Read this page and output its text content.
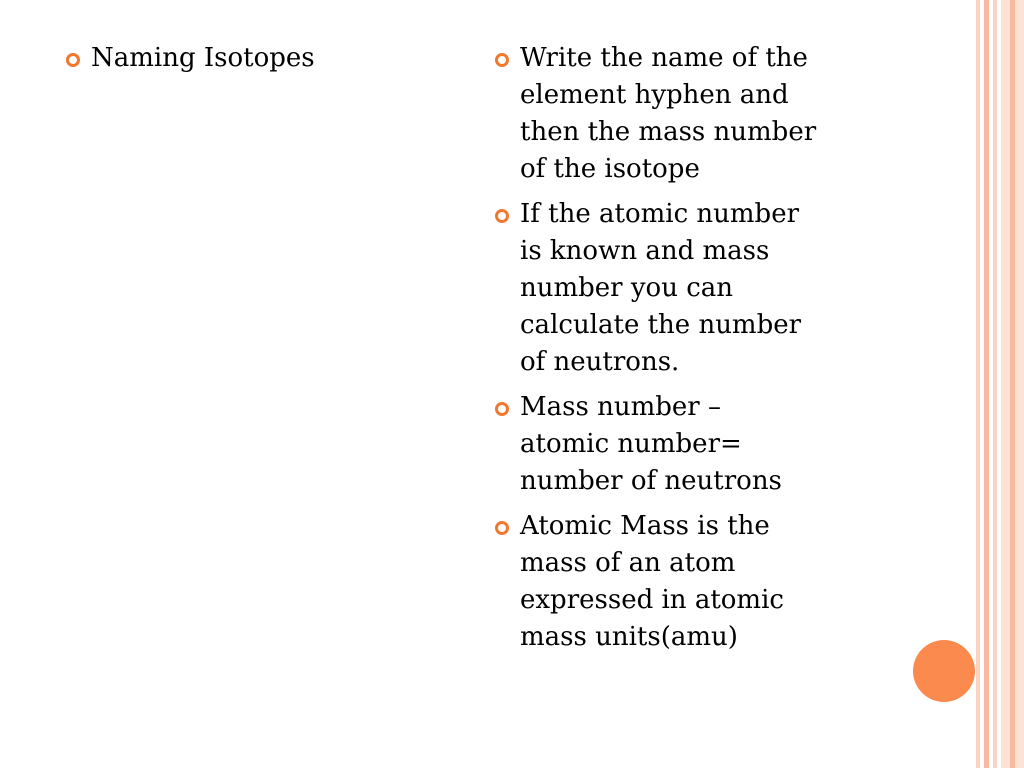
Naming Isotopes	Write the name of the
element hyphen and
then the mass number
of the isotope
If the atomic number
is known and mass
number you can
calculate the number
of neutrons.
Mass number –
atomic number=
number of neutrons
Atomic Mass is the
mass of an atom
expressed in atomic
mass units(amu)
